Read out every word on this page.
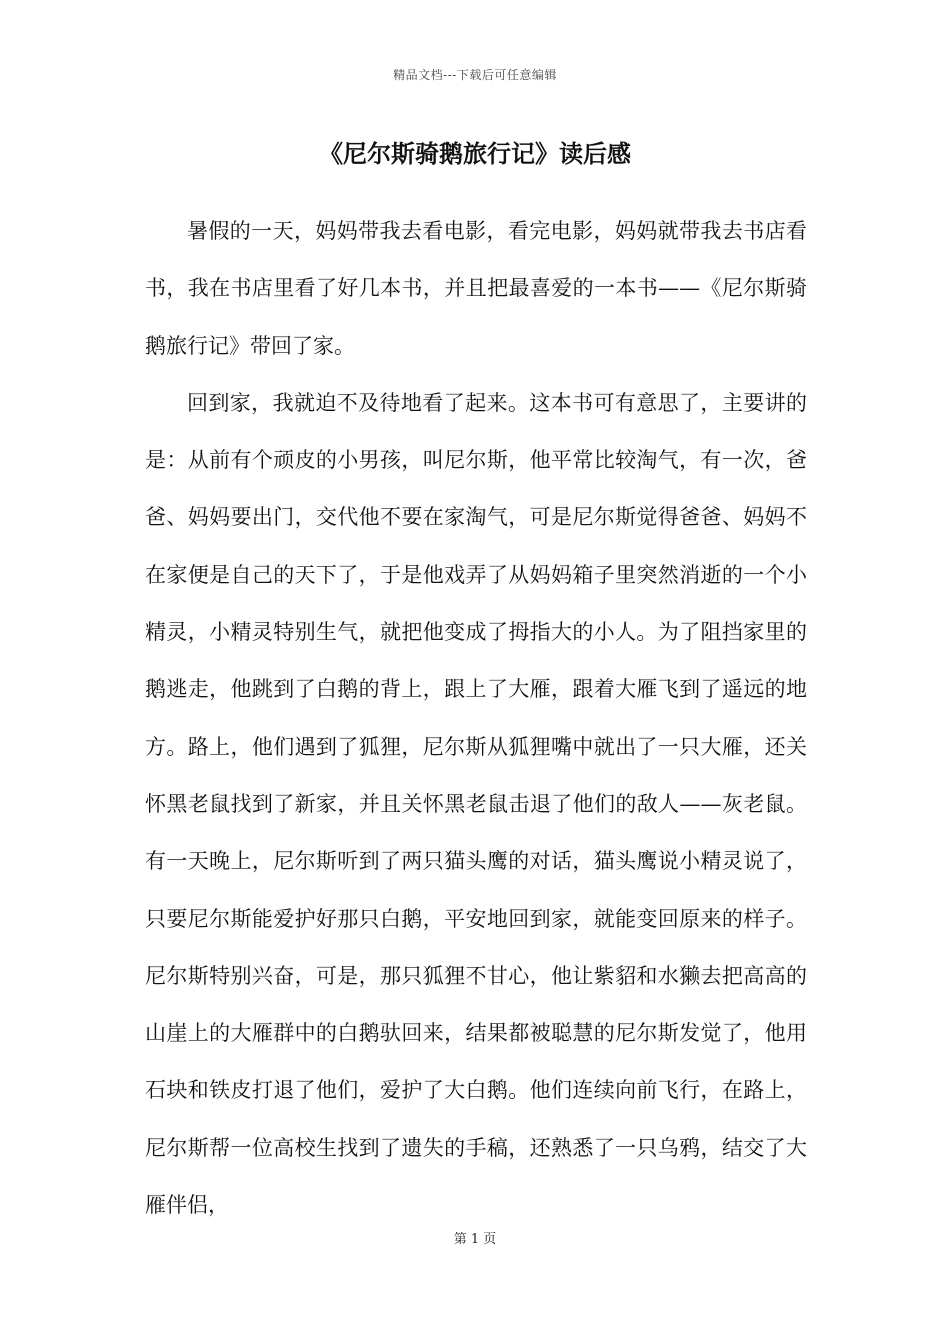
精品文档---下载后可任意编辑
《尼尔斯骑鹅旅行记》读后感

暑假的一天，妈妈带我去看电影，看完电影，妈妈就带我去书店看书，我在书店里看了好几本书，并且把最喜爱的一本书——《尼尔斯骑鹅旅行记》带回了家。

回到家，我就迫不及待地看了起来。这本书可有意思了，主要讲的是：从前有个顽皮的小男孩，叫尼尔斯，他平常比较淘气，有一次，爸爸、妈妈要出门，交代他不要在家淘气，可是尼尔斯觉得爸爸、妈妈不在家便是自己的天下了，于是他戏弄了从妈妈箱子里突然消逝的一个小精灵，小精灵特别生气，就把他变成了拇指大的小人。为了阻挡家里的鹅逃走，他跳到了白鹅的背上，跟上了大雁，跟着大雁飞到了遥远的地方。路上，他们遇到了狐狸，尼尔斯从狐狸嘴中就出了一只大雁，还关怀黑老鼠找到了新家，并且关怀黑老鼠击退了他们的敌人——灰老鼠。有一天晚上，尼尔斯听到了两只猫头鹰的对话，猫头鹰说小精灵说了，只要尼尔斯能爱护好那只白鹅，平安地回到家，就能变回原来的样子。尼尔斯特别兴奋，可是，那只狐狸不甘心，他让紫貂和水獭去把高高的山崖上的大雁群中的白鹅驮回来，结果都被聪慧的尼尔斯发觉了，他用石块和铁皮打退了他们，爱护了大白鹅。他们连续向前飞行，在路上，尼尔斯帮一位高校生找到了遗失的手稿，还熟悉了一只乌鸦，结交了大雁伴侣，

第 1 页
